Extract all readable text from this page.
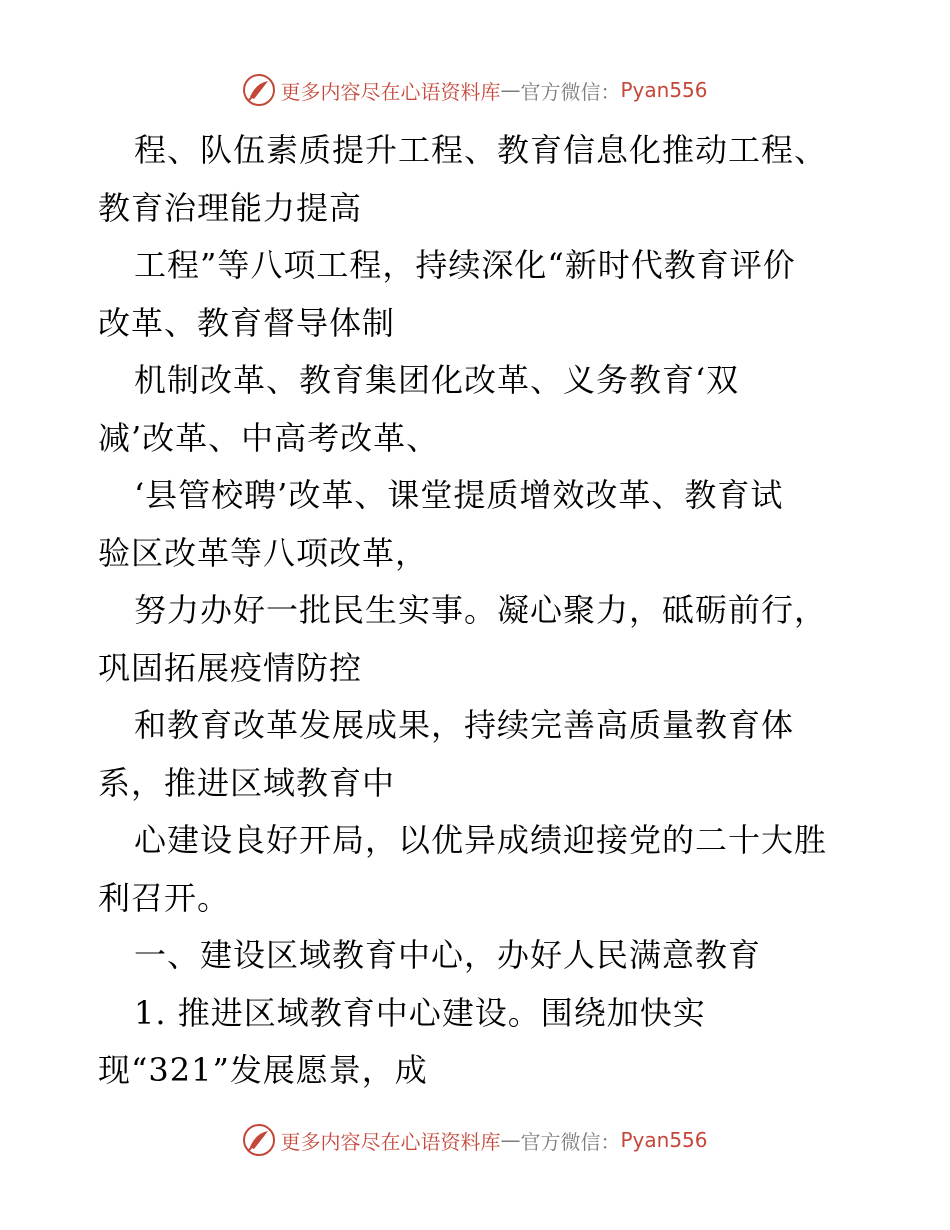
更多内容尽在心语资料库 — 官方微信： Pyan556
程、队伍素质提升工程、教育信息化推动工程、
教育治理能力提高
工程”等八项工程，持续深化“新时代教育评价
改革、教育督导体制
机制改革、教育集团化改革、义务教育‘双
减’改革、中高考改革、
‘县管校聘’改革、课堂提质增效改革、教育试
验区改革等八项改革，
努力办好一批民生实事。凝心聚力，砥砺前行，
巩固拓展疫情防控
和教育改革发展成果，持续完善高质量教育体
系，推进区域教育中
心建设良好开局，以优异成绩迎接党的二十大胜
利召开。
一、建设区域教育中心，办好人民满意教育
1. 推进区域教育中心建设。围绕加快实
现“321”发展愿景，成
更多内容尽在心语资料库 — 官方微信： Pyan556
